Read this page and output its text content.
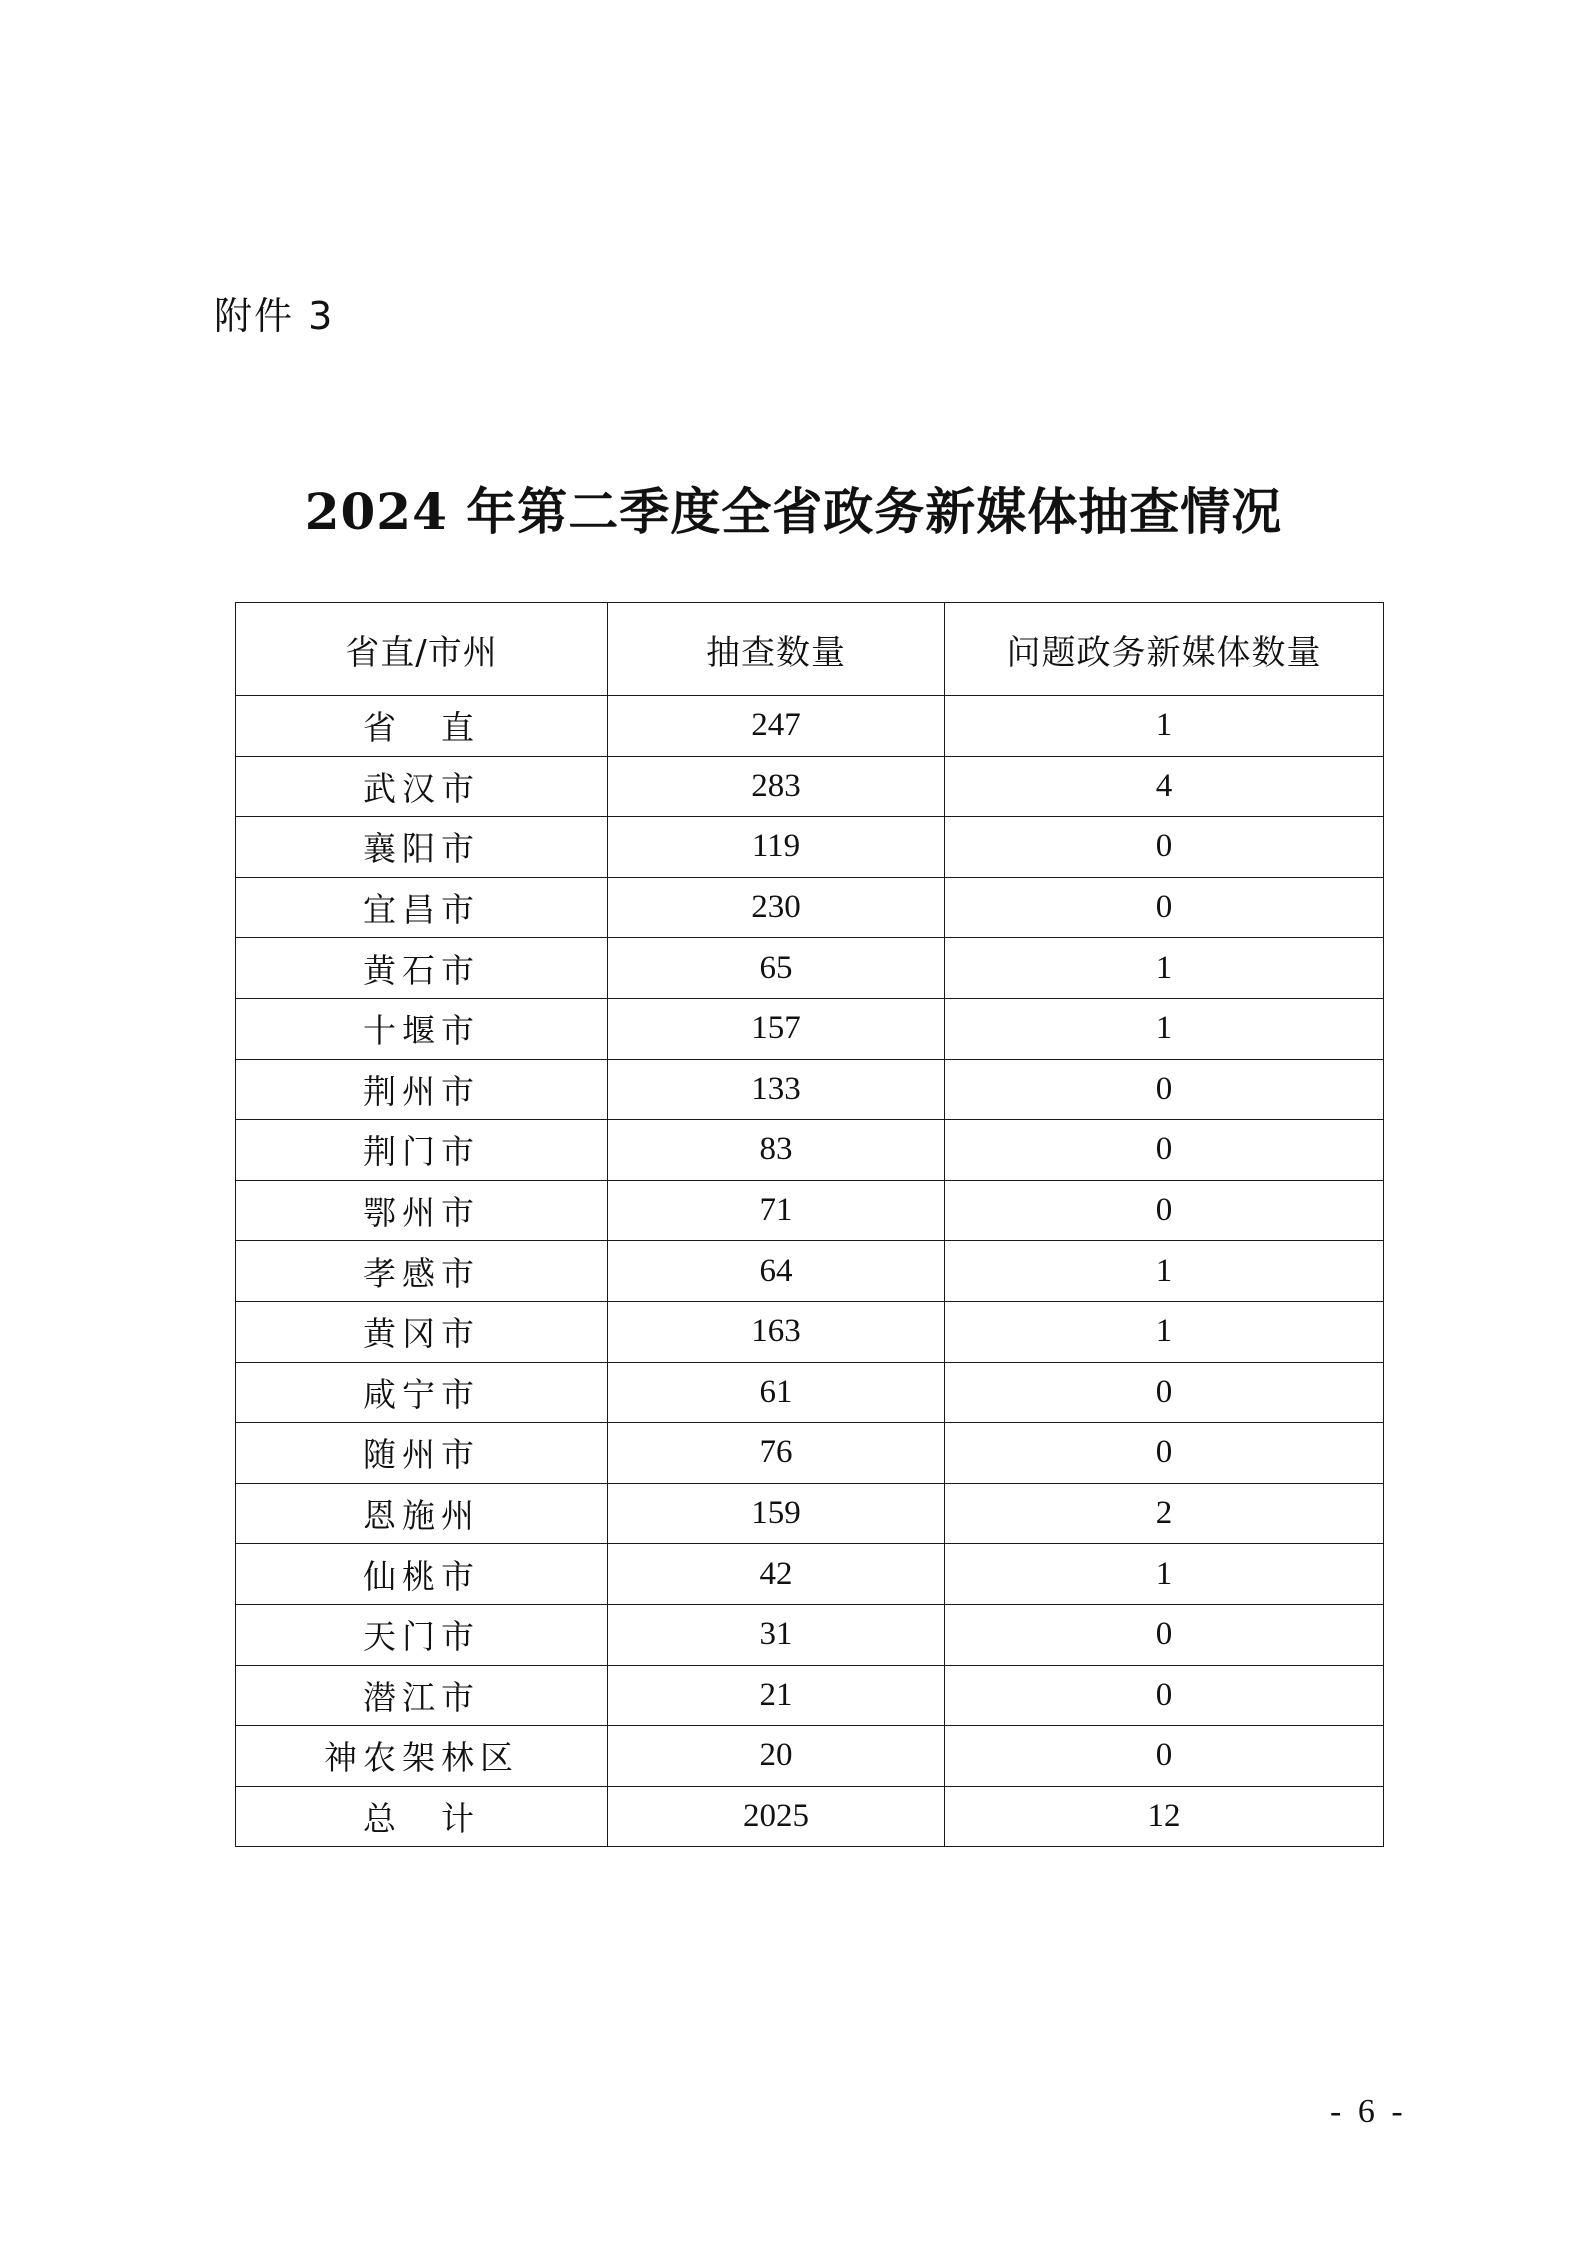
附件 3
2024 年第二季度全省政务新媒体抽查情况
省直/市州	抽查数量	问题政务新媒体数量
省　直	247	1
武汉市	283	4
襄阳市	119	0
宜昌市	230	0
黄石市	65	1
十堰市	157	1
荆州市	133	0
荆门市	83	0
鄂州市	71	0
孝感市	64	1
黄冈市	163	1
咸宁市	61	0
随州市	76	0
恩施州	159	2
仙桃市	42	1
天门市	31	0
潜江市	21	0
神农架林区	20	0
总　计	2025	12
- 6 -
